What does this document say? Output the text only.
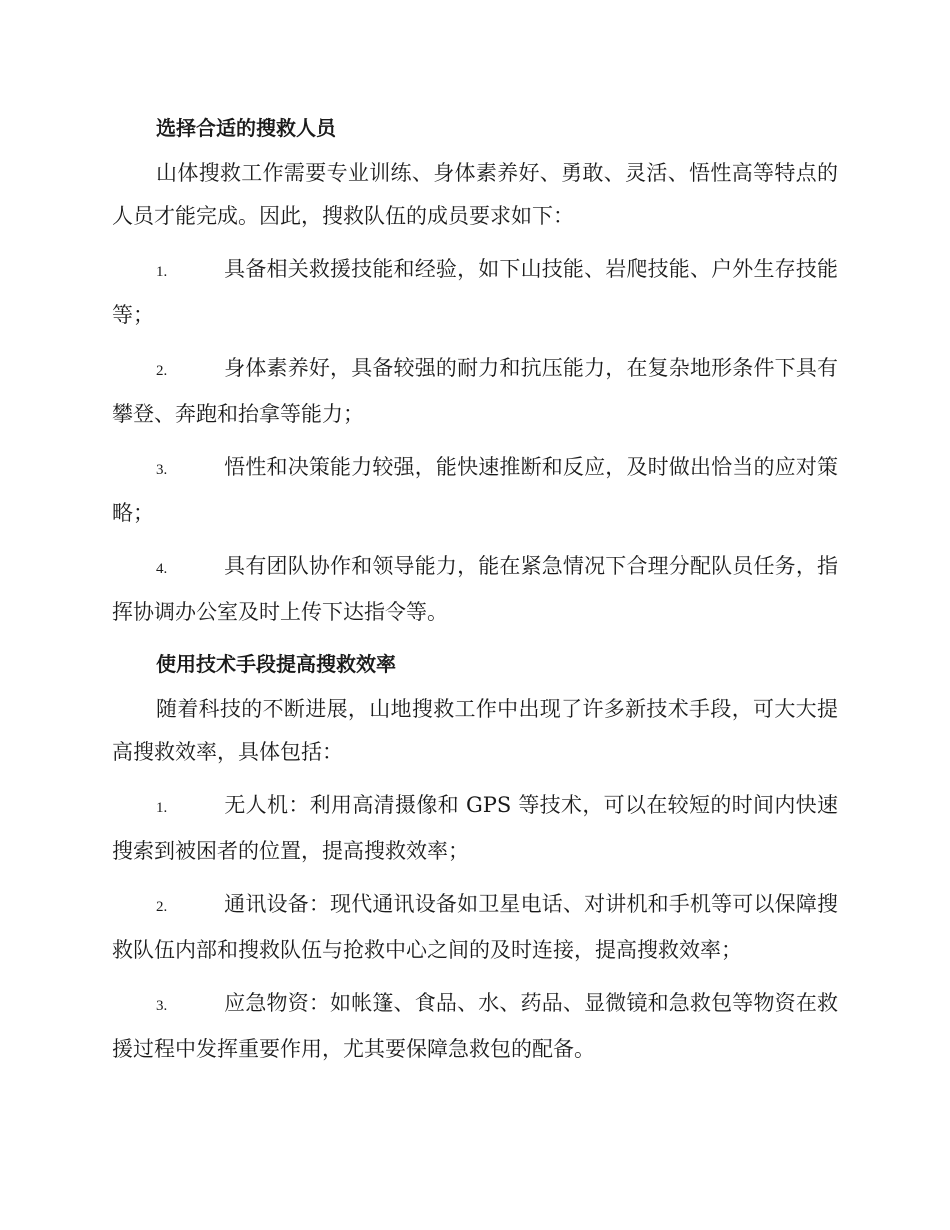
选择合适的搜救人员

山体搜救工作需要专业训练、身体素养好、勇敢、灵活、悟性高等特点的人员才能完成。因此，搜救队伍的成员要求如下：

1.	具备相关救援技能和经验，如下山技能、岩爬技能、户外生存技能等；
2.	身体素养好，具备较强的耐力和抗压能力，在复杂地形条件下具有攀登、奔跑和抬拿等能力；
3.	悟性和决策能力较强，能快速推断和反应，及时做出恰当的应对策略；
4.	具有团队协作和领导能力，能在紧急情况下合理分配队员任务，指挥协调办公室及时上传下达指令等。
使用技术手段提高搜救效率

随着科技的不断进展，山地搜救工作中出现了许多新技术手段，可大大提高搜救效率，具体包括：

1.	无人机：利用高清摄像和 GPS 等技术，可以在较短的时间内快速搜索到被困者的位置，提高搜救效率；
2.	通讯设备：现代通讯设备如卫星电话、对讲机和手机等可以保障搜救队伍内部和搜救队伍与抢救中心之间的及时连接，提高搜救效率；
3.	应急物资：如帐篷、食品、水、药品、显微镜和急救包等物资在救援过程中发挥重要作用，尤其要保障急救包的配备。
